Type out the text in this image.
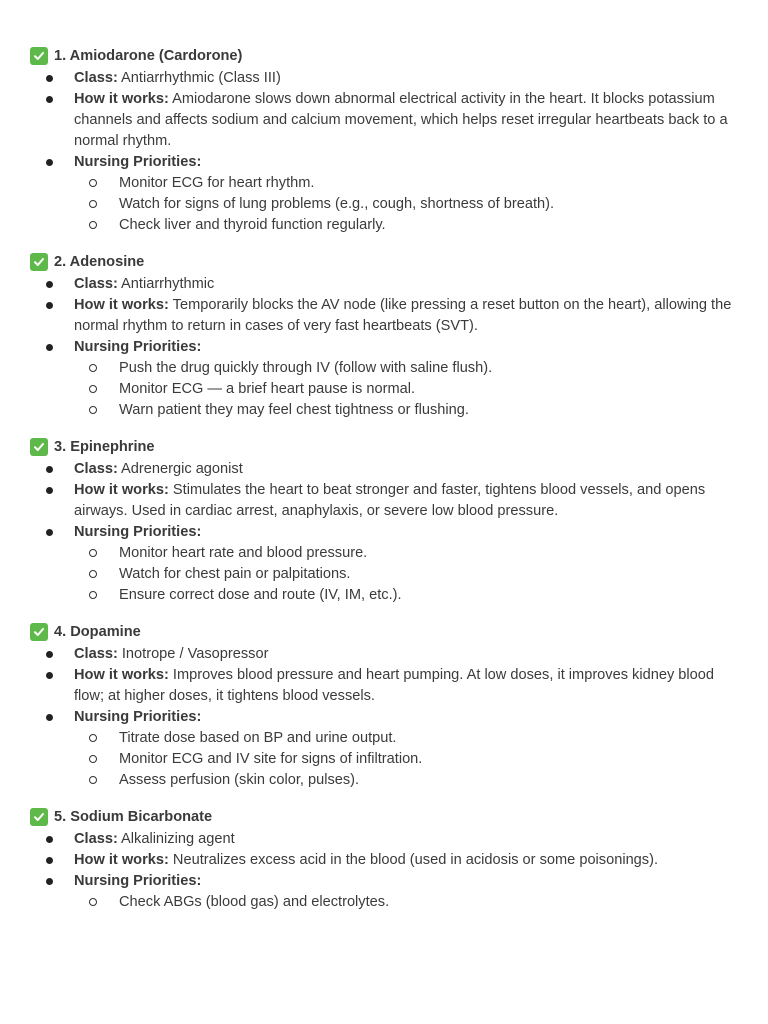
1. Amiodarone (Cardorone)
Class: Antiarrhythmic (Class III)
How it works: Amiodarone slows down abnormal electrical activity in the heart. It blocks potassium channels and affects sodium and calcium movement, which helps reset irregular heartbeats back to a normal rhythm.
Nursing Priorities:
Monitor ECG for heart rhythm.
Watch for signs of lung problems (e.g., cough, shortness of breath).
Check liver and thyroid function regularly.
2. Adenosine
Class: Antiarrhythmic
How it works: Temporarily blocks the AV node (like pressing a reset button on the heart), allowing the normal rhythm to return in cases of very fast heartbeats (SVT).
Nursing Priorities:
Push the drug quickly through IV (follow with saline flush).
Monitor ECG — a brief heart pause is normal.
Warn patient they may feel chest tightness or flushing.
3. Epinephrine
Class: Adrenergic agonist
How it works: Stimulates the heart to beat stronger and faster, tightens blood vessels, and opens airways. Used in cardiac arrest, anaphylaxis, or severe low blood pressure.
Nursing Priorities:
Monitor heart rate and blood pressure.
Watch for chest pain or palpitations.
Ensure correct dose and route (IV, IM, etc.).
4. Dopamine
Class: Inotrope / Vasopressor
How it works: Improves blood pressure and heart pumping. At low doses, it improves kidney blood flow; at higher doses, it tightens blood vessels.
Nursing Priorities:
Titrate dose based on BP and urine output.
Monitor ECG and IV site for signs of infiltration.
Assess perfusion (skin color, pulses).
5. Sodium Bicarbonate
Class: Alkalinizing agent
How it works: Neutralizes excess acid in the blood (used in acidosis or some poisonings).
Nursing Priorities:
Check ABGs (blood gas) and electrolytes.
